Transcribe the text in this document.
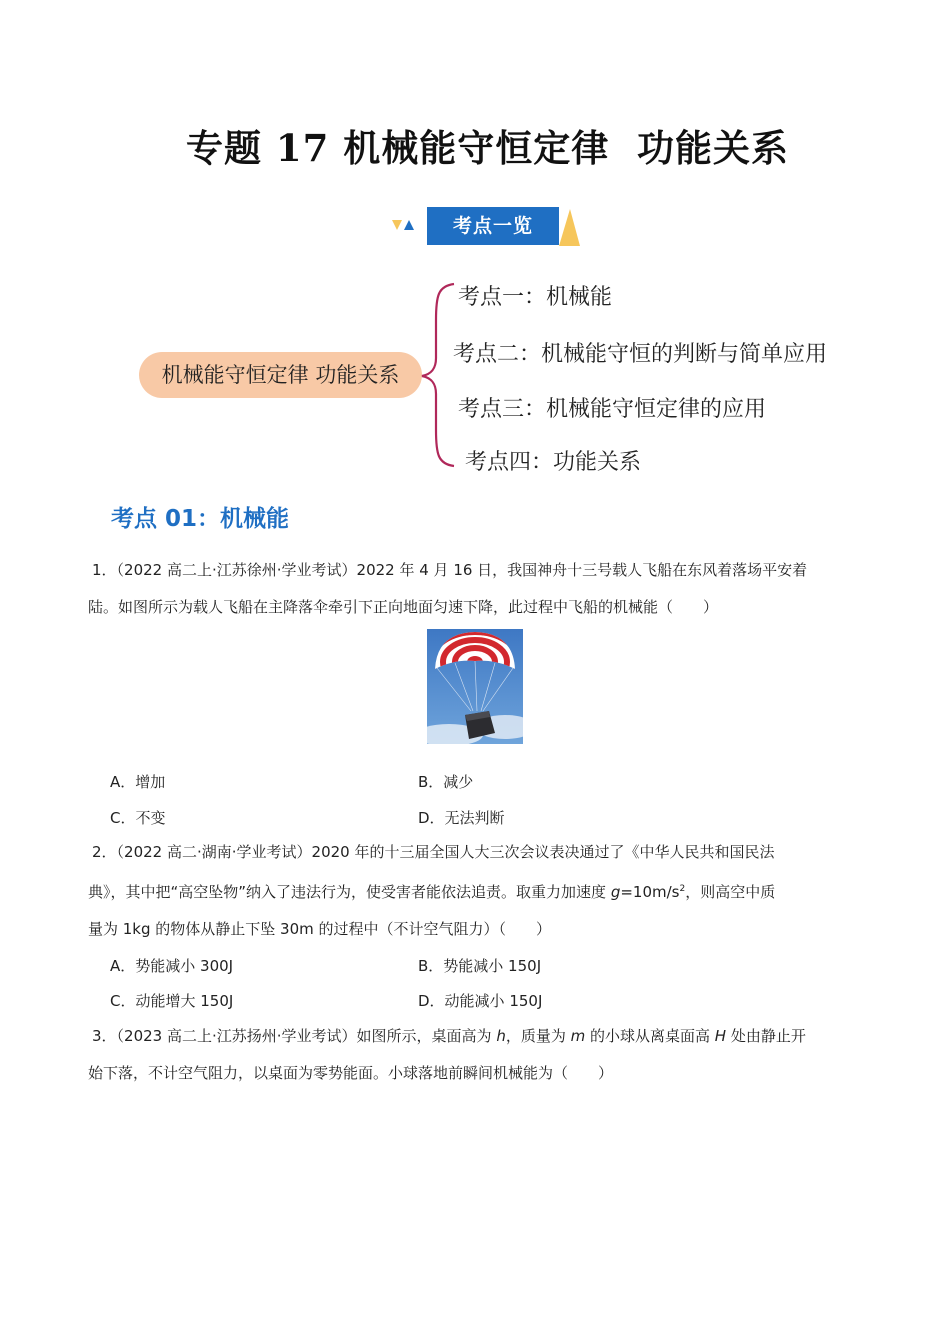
专题 17 机械能守恒定律  功能关系
考点一览
机械能守恒定律 功能关系
考点一：机械能
考点二：机械能守恒的判断与简单应用
考点三：机械能守恒定律的应用
考点四：功能关系
考点 01：机械能
1．（2022 高二上·江苏徐州·学业考试）2022 年 4 月 16 日，我国神舟十三号载人飞船在东风着落场平安着
陆。如图所示为载人飞船在主降落伞牵引下正向地面匀速下降，此过程中飞船的机械能（　　）
A．增加	B．减少
C．不变	D．无法判断
2．（2022 高二·湖南·学业考试）2020 年的十三届全国人大三次会议表决通过了《中华人民共和国民法
典》，其中把“高空坠物”纳入了违法行为，使受害者能依法追责。取重力加速度 $g=10m/s^2$，则高空中质
量为 1kg 的物体从静止下坠 30m 的过程中（不计空气阻力）（　　）
A．势能减小 300J	B．势能减小 150J
C．动能增大 150J	D．动能减小 150J
3．（2023 高二上·江苏扬州·学业考试）如图所示，桌面高为 h，质量为 m 的小球从离桌面高 H 处由静止开
始下落，不计空气阻力，以桌面为零势能面。小球落地前瞬间机械能为（　　）
